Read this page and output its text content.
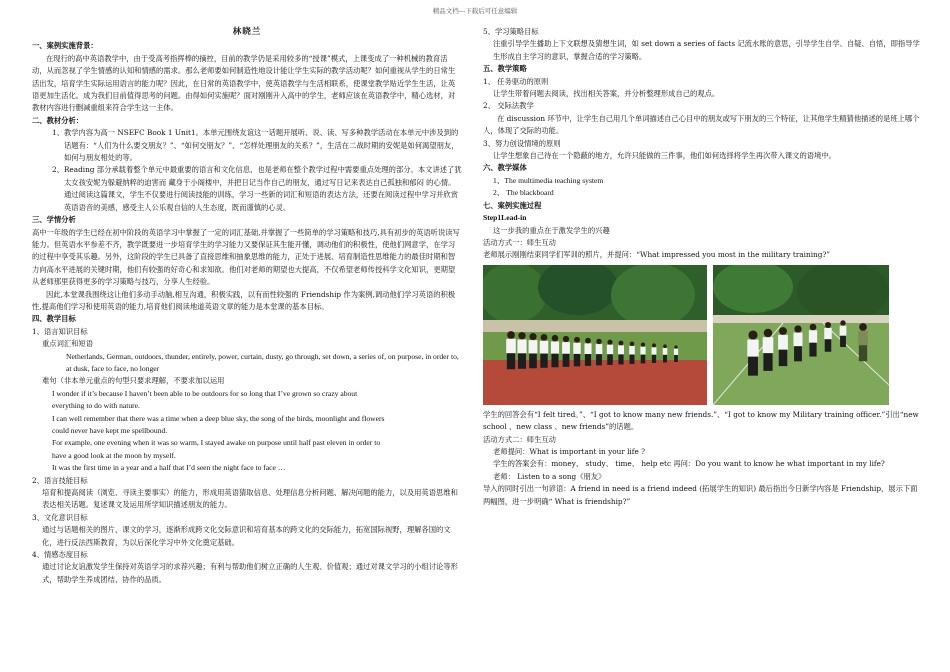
精品文档---下载后可任意编辑

林晓兰

一、案例实施背景：

在现行的高中英语教学中，由于受高考指挥棒的摘控，目前的教学仍是采用较多的“授课”模式，上课变成了一种机械的教育活动，从而忽视了学生情感的认知和情感的需求。那么老师要如何制造性地设计能让学生实际的教学活动呢？如何重视从学生的日常生活出发，培育学生实际运用语言的能力呢？因此，在日常的英语教学中，使英语教学与生活相联系，使课堂教学贴近学生生活，让英语更加生活化。成为我们目前值得思考的问题。由得如何实施呢？面对刚刚升入高中的学生，老师应该在英语教学中，精心选材，对教材内容进行删减重组来符合学生这一主体。

二、教材分析：

1、教学内容为高一 NSEFC Book 1 Unit1。本单元围绕友谊这一话题开展听、说、读、写多种教学活动在本单元中涉及到的话题有：“人们为什么要交朋友？”、“如何交朋友？”、“怎样处理朋友的关系？”，生活在二战时期的安妮是如何渴望朋友，如何与朋友相处的等。

2、Reading 部分承载着整个单元中最重要的语言和文化信息，也是老师在整个教学过程中需要重点处理的部分。本文讲述了犹太女孩安妮为躲避纳粹的迫害而 藏身于小阁楼中，并把日记当作自己的朋友，通过写日记来表达自己孤独和郁闷 的心情。通过阅读这篇课文，学生不仅要进行阅读技能的训练，学习一些新的词汇和短语的表达方法，还要在阅读过程中学习并欣赏英语语音的美感，感受主人公乐观自信的人生态度，既而谨慎的心灵。

三、学情分析

高中一年级的学生已经在初中阶段的英语学习中掌握了一定的词汇基础,并掌握了一些简单的学习策略和技巧,具有初步的英语听说读写能力。但英语水平参差不齐，教学既要进一步培育学生的学习能力又要保证其生能开懂，调动他们的积极性，使他们网意学，在学习的过程中享受其乐趣。另外，这阶段的学生已具备了直接思维和抽象思维的能力，正处于进展、培育制造性思维能力的最佳时期和智力向高水平进展的关键时期，他们有较强的好奇心和求知欲。他们对老师的期望也大提高，不仅希望老师传授科学文化知识，更期望从老师那里获得更多的学习策略与技巧，分享人生经验。

因此,本堂课我围绕这让他们多动手动脑,相互沟通，积极实践，以有而性较强的 Friendship 作为案例,调动他们学习英语的积极性,提高他们学习和使用英语的能力,培育他们阅读地道英语文章的能力是本堂课的基本目标。

四、教学目标

1、语言知识目标

重点词汇和短语

Netherlands, German, outdoors, thunder, entirely, power, curtain, dusty, go through, set down, a series of, on purpose, in order to, at dusk, face to face, no longer

难句（非本单元重点的句型只要求理解，不要求加以运用

I wonder if it’s because I haven’t been able to be outdoors for so long that I’ve grown so crazy about

everything to do with nature.

I can well remember that there was a time when a deep blue sky, the song of the birds, moonlight and flowers

could never have kept me spellbound.

For example, one evening when it was so warm, I stayed awake on purpose until half past eleven in order to

have a good look at the moon by myself.

It was the first time in a year and a half that I’d seen the night face to face …

2、语言技能目标

培育和提高阅读（浏览、寻读主要事实）的能力，形成用英语猜取信息、处理信息分析问题、解决问题的能力，以及用英语思维和表达相关话题。复述课文及运用所学知识描述朋友的能力。

3、文化意识目标

通过与话题相关的图片，课文的学习，逐渐形成跨文化交际意识和培育基本的跨文化的交际能力，拓宽国际视野，理解各国的文化，进行反法西斯教育，为以后深化学习中外文化奠定基础。

4、情感态度目标

通过讨论友谊激发学生保持对英语学习的求荐兴趣；有利与帮助他们树立正确的人生观、价值观；通过对课文学习的小组讨论等形式，帮助学生养成团结、协作的品质。

5、学习策略目标

注重引导学生播助上下文联想及猜想生词，如 set down a series of facts 记流水账的意思，引导学生自学、自疑、自悟，即指导学生形成自主学习的意识，掌握合适的学习策略。

五、教学策略

1、 任务驱动的原则

让学生带着问题去阅读，找出相关答案，并分析整理形成自己的观点。

2、 交际法教学

在 discussion 环节中，让学生自己用几个单词描述自己心目中的朋友或写下朋友的三个特征，让其他学生精猜他描述的是班上哪个人，体现了交际的功能。

3、努力创设情境的原则

让学生想象自己待在一个隐蔽的地方，允许只能做的三件事，他们如何选择将学生再次带入课文的语境中。

六、教学媒体

1、The multimedia teaching system

2、 The blackboard

七、案例实施过程

Step1Lead-in

这一步我的重点在于激发学生的兴趣

活动方式一：师生互动

老师展示刚刚结束同学们军训的照片，并提问：“What impressed you most in the military training?”

学生的回答会有“I felt tired。”、“I got to know many new friends.”、“I got to know my Military training officer.”引出“new school 、new class 、new friends”的话题。

活动方式二：师生互动

老师提问：What is important in your life ?

学生的答案会有：money、 study、 time、 help etc 再问：Do you want to know he what important in my life?

老师： Listen to a song《朋友》

导入的同时引出一句谚语：A friend in need is a friend indeed (拓展学生的知识) 最后指出今日新学内容是 Friendship，展示下面两幅图，进一步明确“ What is friendship?”
